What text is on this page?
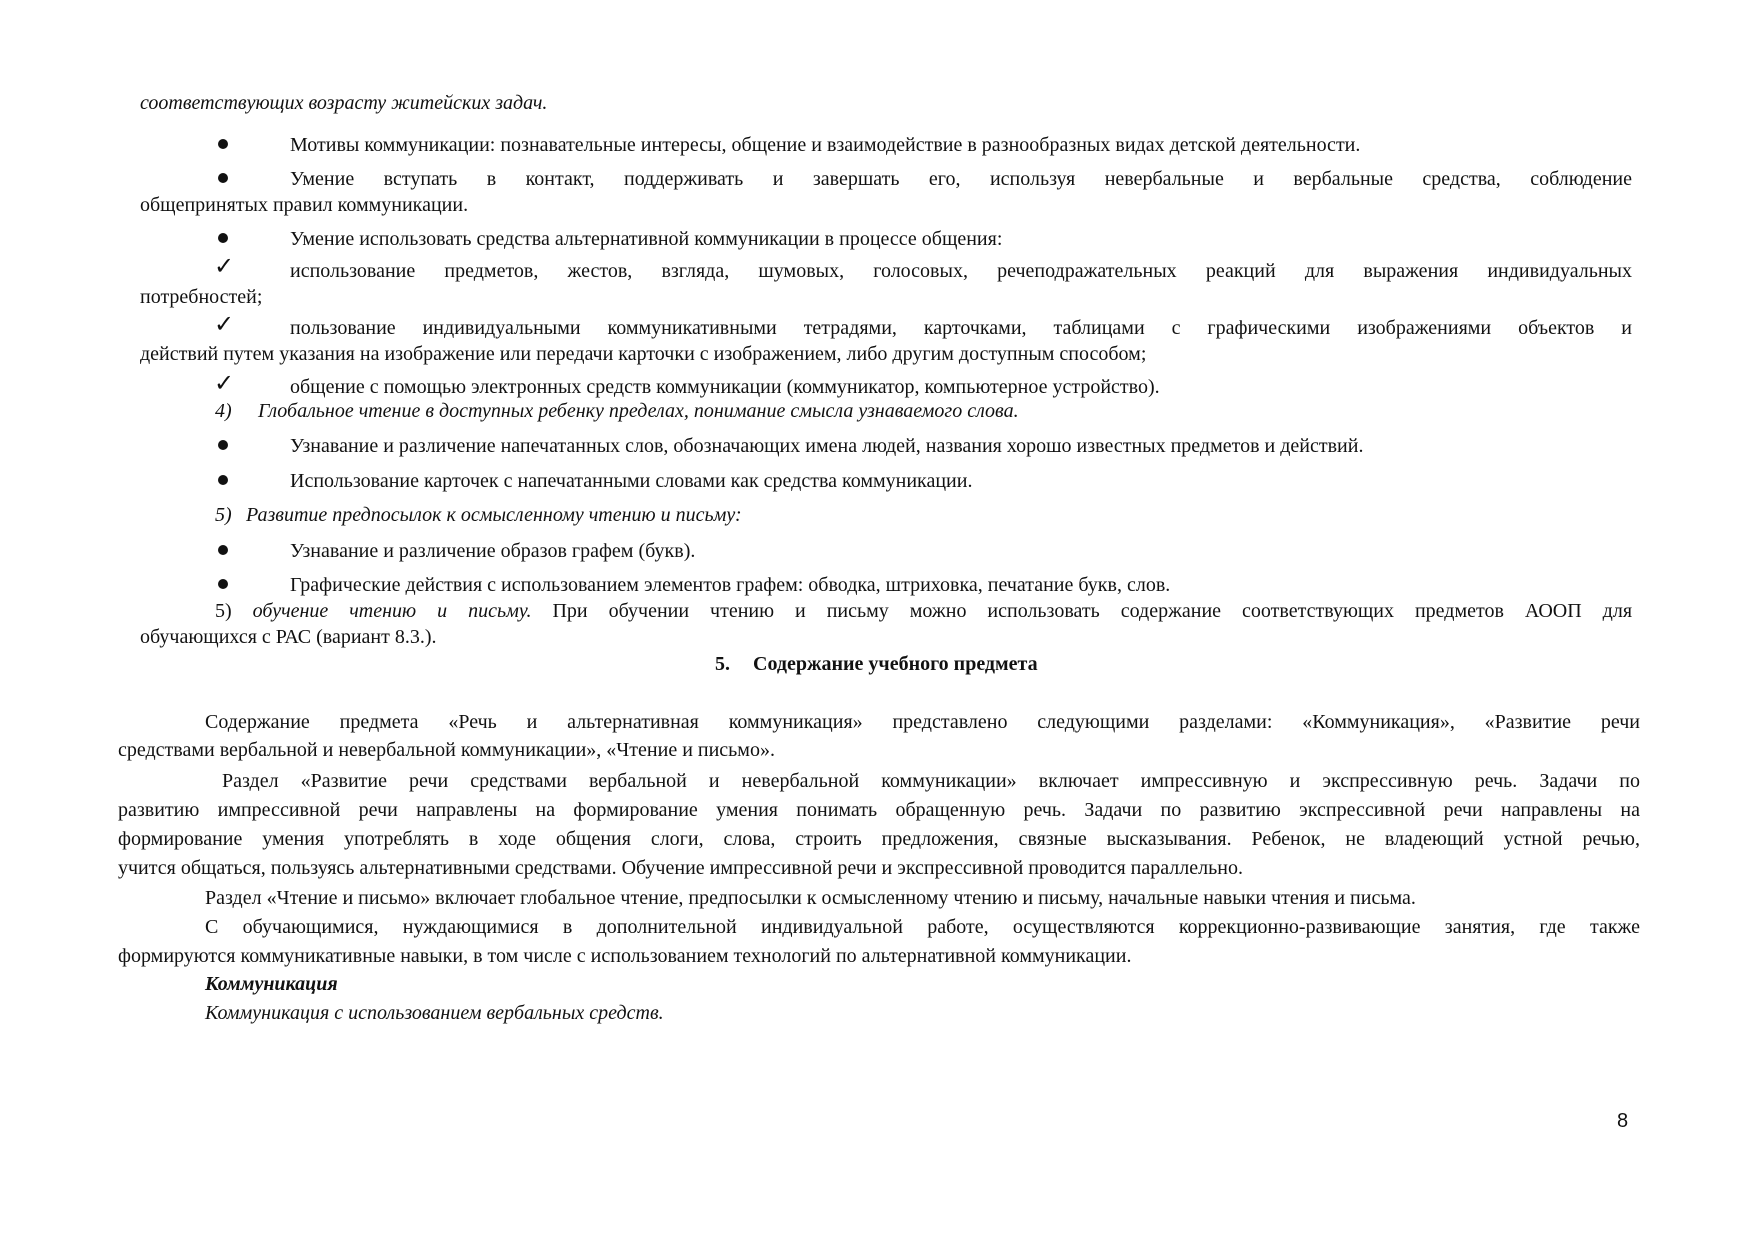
соответствующих возрасту житейских задач.
Мотивы коммуникации: познавательные интересы, общение и взаимодействие в разнообразных видах детской деятельности.
Умение вступать в контакт, поддерживать и завершать его, используя невербальные и вербальные средства, соблюдение
общепринятых правил коммуникации.
Умение использовать средства альтернативной коммуникации в процессе общения:
✓	использование предметов, жестов, взгляда, шумовых, голосовых, речеподражательных реакций для выражения индивидуальных
потребностей;
✓	пользование индивидуальными коммуникативными тетрадями, карточками, таблицами с графическими изображениями объектов и
действий путем указания на изображение или передачи карточки с изображением, либо другим доступным способом;
✓	общение с помощью электронных средств коммуникации (коммуникатор, компьютерное устройство).
4) Глобальное чтение в доступных ребенку пределах, понимание смысла узнаваемого слова.
Узнавание и различение напечатанных слов, обозначающих имена людей, названия хорошо известных предметов и действий.
Использование карточек с напечатанными словами как средства коммуникации.
5) Развитие предпосылок к осмысленному чтению и письму:
Узнавание и различение образов графем (букв).
Графические действия с использованием элементов графем: обводка, штриховка, печатание букв, слов.
5) обучение чтению и письму. При обучении чтению и письму можно использовать содержание соответствующих предметов АООП для
обучающихся с РАС (вариант 8.3.).
5. Содержание учебного предмета
Содержание предмета «Речь и альтернативная коммуникация» представлено следующими разделами: «Коммуникация», «Развитие речи
средствами вербальной и невербальной коммуникации», «Чтение и письмо».
Раздел «Развитие речи средствами вербальной и невербальной коммуникации» включает импрессивную и экспрессивную речь. Задачи по
развитию импрессивной речи направлены на формирование умения понимать обращенную речь. Задачи по развитию экспрессивной речи направлены на
формирование умения употреблять в ходе общения слоги, слова, строить предложения, связные высказывания. Ребенок, не владеющий устной речью,
учится общаться, пользуясь альтернативными средствами. Обучение импрессивной речи и экспрессивной проводится параллельно.
Раздел «Чтение и письмо» включает глобальное чтение, предпосылки к осмысленному чтению и письму, начальные навыки чтения и письма.
С обучающимися, нуждающимися в дополнительной индивидуальной работе, осуществляются коррекционно-развивающие занятия, где также
формируются коммуникативные навыки, в том числе с использованием технологий по альтернативной коммуникации.
Коммуникация
Коммуникация с использованием вербальных средств.
8
